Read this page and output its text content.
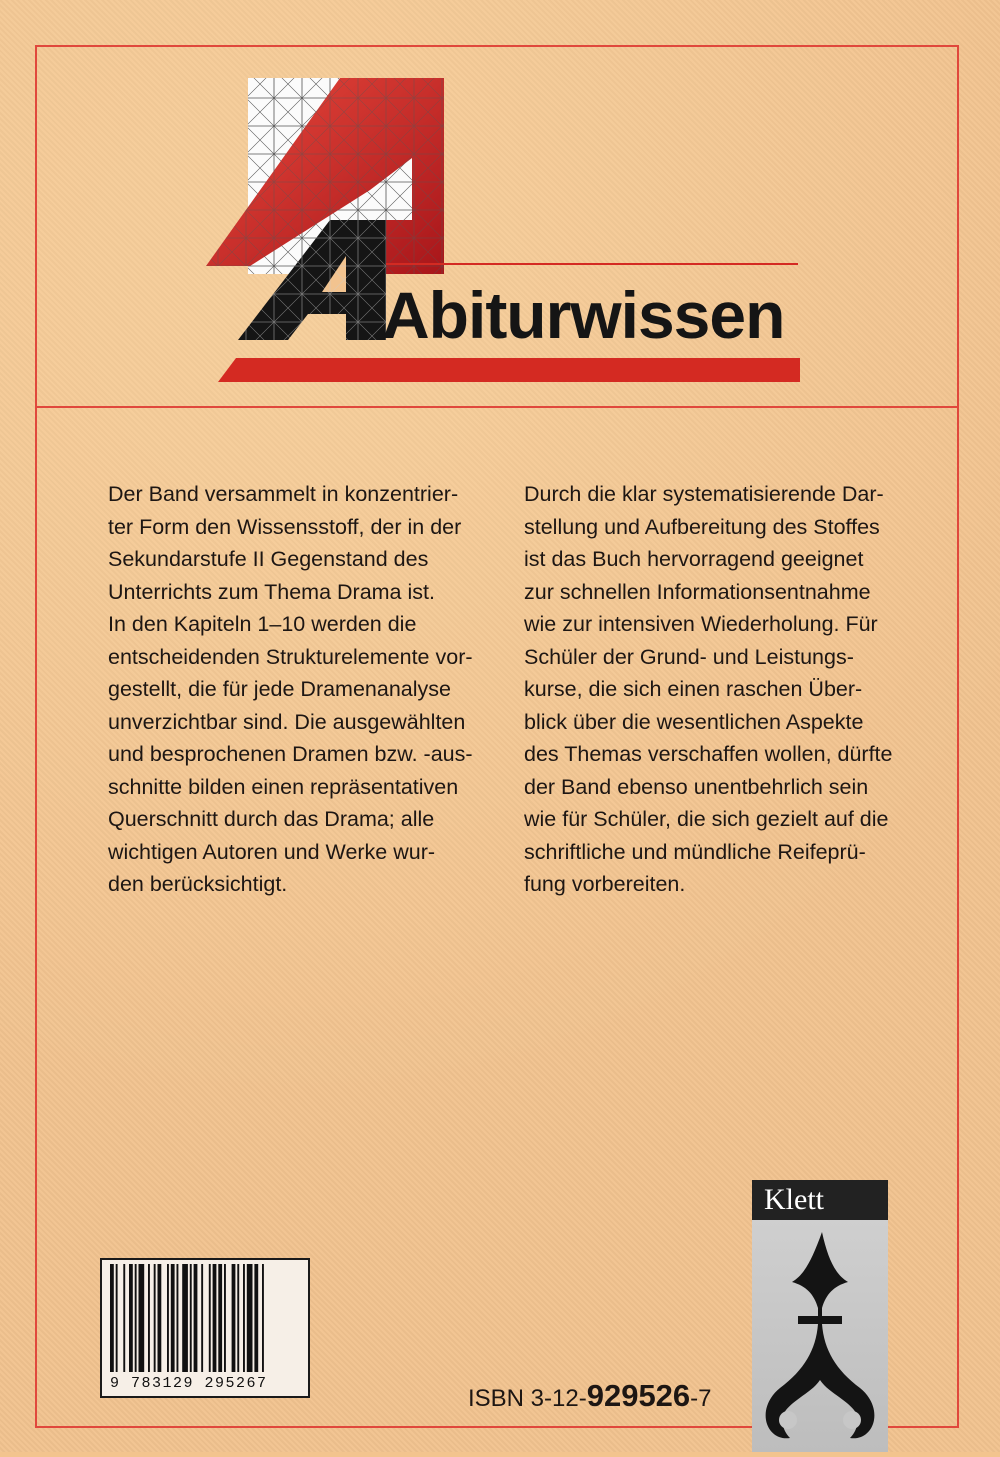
Abiturwissen
Der Band versammelt in konzentrier-
ter Form den Wissensstoff, der in der
Sekundarstufe II Gegenstand des
Unterrichts zum Thema Drama ist.
In den Kapiteln 1–10 werden die
entscheidenden Strukturelemente vor-
gestellt, die für jede Dramenanalyse
unverzichtbar sind. Die ausgewählten
und besprochenen Dramen bzw. -aus-
schnitte bilden einen repräsentativen
Querschnitt durch das Drama; alle
wichtigen Autoren und Werke wur-
den berücksichtigt.
Durch die klar systematisierende Dar-
stellung und Aufbereitung des Stoffes
ist das Buch hervorragend geeignet
zur schnellen Informationsentnahme
wie zur intensiven Wiederholung. Für
Schüler der Grund- und Leistungs-
kurse, die sich einen raschen Über-
blick über die wesentlichen Aspekte
des Themas verschaffen wollen, dürfte
der Band ebenso unentbehrlich sein
wie für Schüler, die sich gezielt auf die
schriftliche und mündliche Reifeprü-
fung vorbereiten.
9 783129 295267
ISBN 3-12-929526-7
Klett
